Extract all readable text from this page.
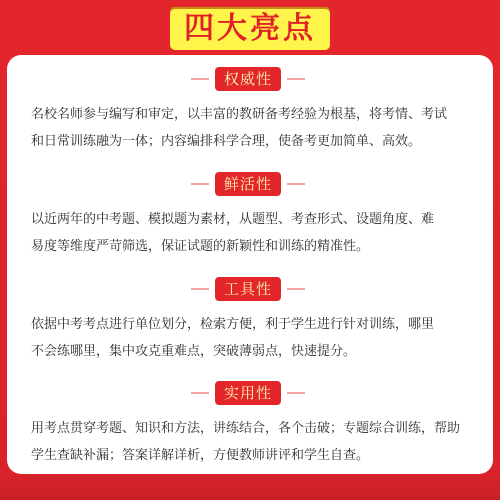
四大亮点
权威性
名校名师参与编写和审定，以丰富的教研备考经验为根基，将考情、考试
和日常训练融为一体；内容编排科学合理，使备考更加简单、高效。
鲜活性
以近两年的中考题、模拟题为素材，从题型、考查形式、设题角度、难
易度等维度严苛筛选，保证试题的新颖性和训练的精准性。
工具性
依据中考考点进行单位划分，检索方便，利于学生进行针对训练，哪里
不会练哪里，集中攻克重难点，突破薄弱点，快速提分。
实用性
用考点贯穿考题、知识和方法，讲练结合，各个击破；专题综合训练，帮助
学生查缺补漏；答案详解详析，方便教师讲评和学生自查。
